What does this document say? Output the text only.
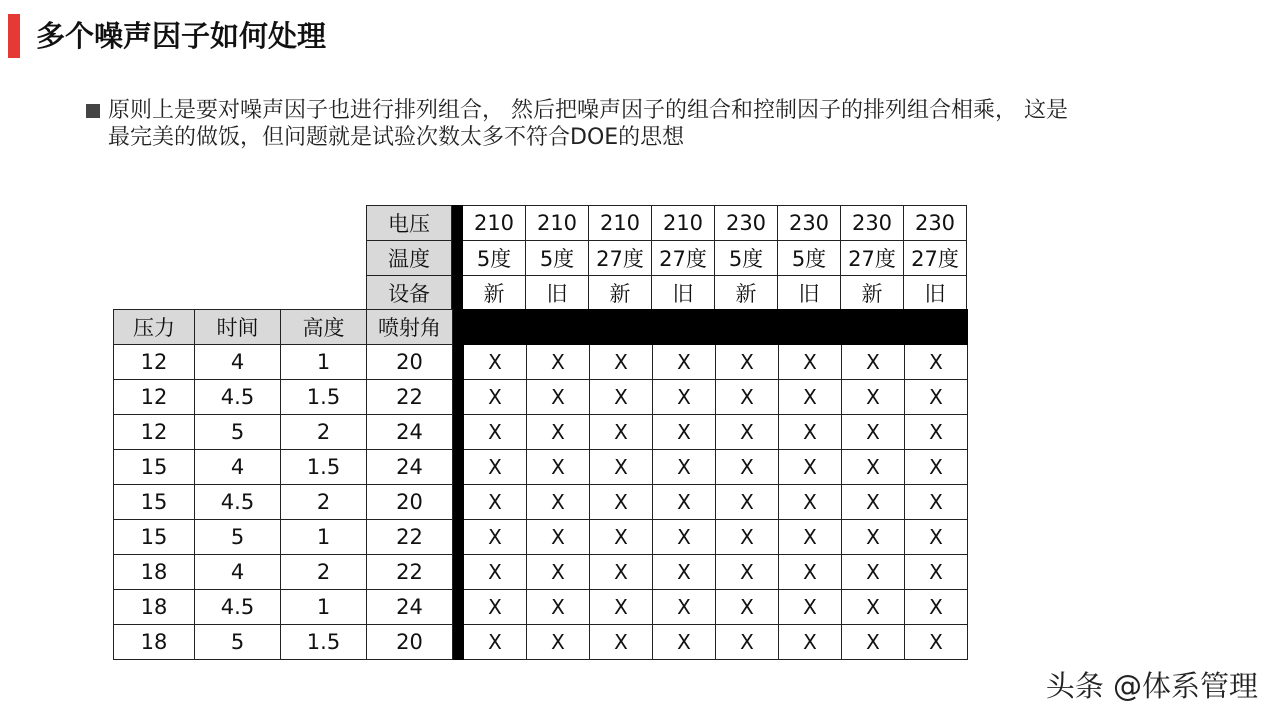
多个噪声因子如何处理
原则上是要对噪声因子也进行排列组合， 然后把噪声因子的组合和控制因子的排列组合相乘， 这是
最完美的做饭，但问题就是试验次数太多不符合DOE的思想
电压		210	210	210	210	230	230	230	230
温度		5度	5度	27度	27度	5度	5度	27度	27度
设备		新	旧	新	旧	新	旧	新	旧
压力	时间	高度	喷射角									
12	4	1	20		X	X	X	X	X	X	X	X
12	4.5	1.5	22		X	X	X	X	X	X	X	X
12	5	2	24		X	X	X	X	X	X	X	X
15	4	1.5	24		X	X	X	X	X	X	X	X
15	4.5	2	20		X	X	X	X	X	X	X	X
15	5	1	22		X	X	X	X	X	X	X	X
18	4	2	22		X	X	X	X	X	X	X	X
18	4.5	1	24		X	X	X	X	X	X	X	X
18	5	1.5	20		X	X	X	X	X	X	X	X
头条 @体系管理
